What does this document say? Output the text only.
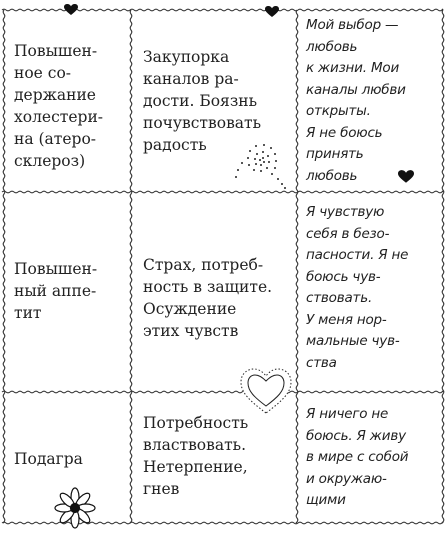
Повышен-
ное со-
держание
холестери-
на (атеро-
склероз)
Закупорка
каналов ра-
дости. Боязнь
почувствовать
радость
Мой выбор —
любовь
к жизни. Мои
каналы любви
открыты.
Я не боюсь
принять
любовь
Повышен-
ный аппе-
тит
Страх, потреб-
ность в защите.
Осуждение
этих чувств
Я чувствую
себя в безо-
пасности. Я не
боюсь чув-
ствовать.
У меня нор-
мальные чув-
ства
Подагра
Потребность
властвовать.
Нетерпение,
гнев
Я ничего не
боюсь. Я живу
в мире с собой
и окружаю-
щими
